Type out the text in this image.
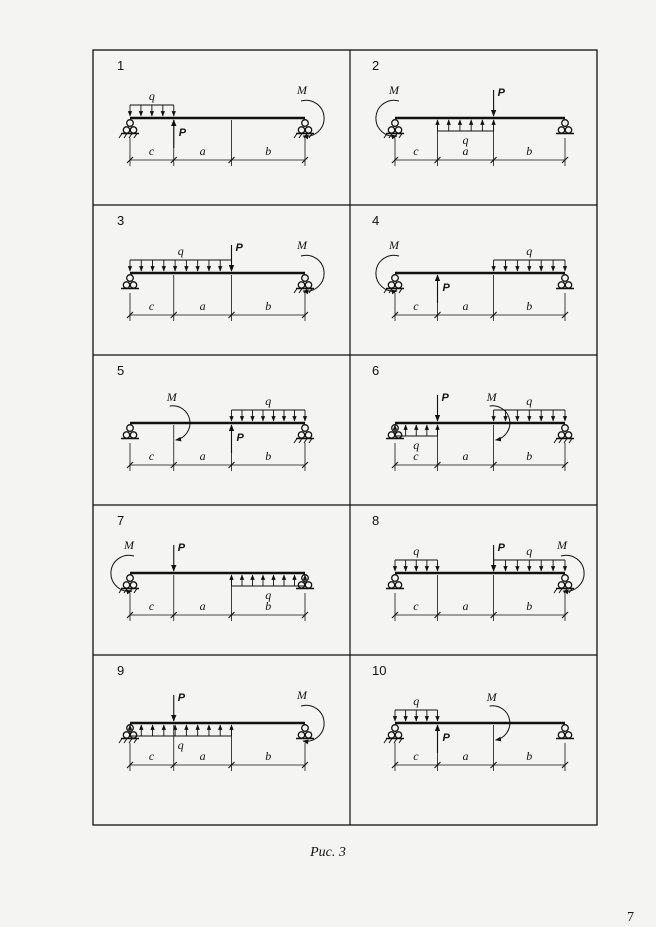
1
q
P
M
c	a	b
2
q
P
M
c	a	b
3
q	P	M
c	a	b
4
q
P
M
c	a	b
5
q
P
M
c	a	b
6
q
q
P	M
c	a	b
7
q
P
M
c	a	b
8
q	q
P	M
c	a	b
9
q
P	M
c	a	b
10
q
P
M
c	a	b
Рис. 3
7
